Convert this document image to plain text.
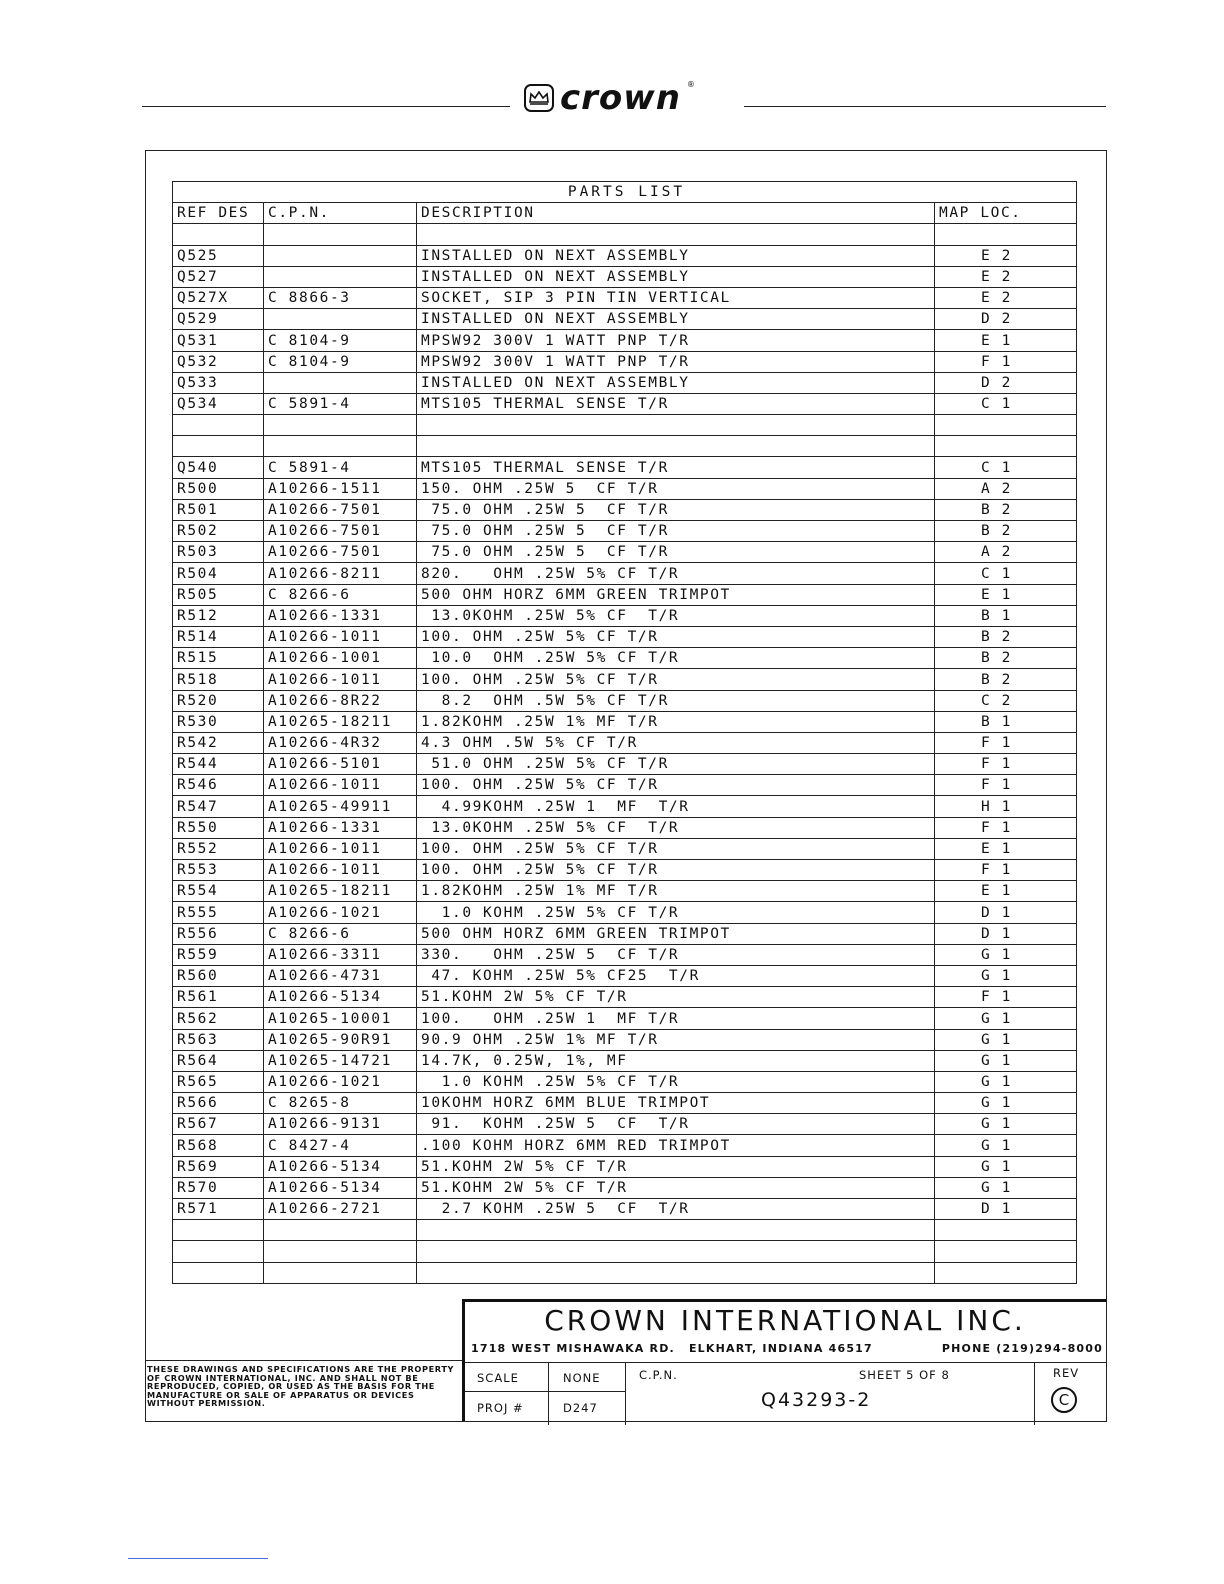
crown ®
PARTS LIST			
REF DES	C.P.N.	DESCRIPTION	MAP LOC.

Q525		INSTALLED ON NEXT ASSEMBLY	E 2
Q527		INSTALLED ON NEXT ASSEMBLY	E 2
Q527X	C 8866-3	SOCKET, SIP 3 PIN TIN VERTICAL	E 2
Q529		INSTALLED ON NEXT ASSEMBLY	D 2
Q531	C 8104-9	MPSW92 300V 1 WATT PNP T/R	E 1
Q532	C 8104-9	MPSW92 300V 1 WATT PNP T/R	F 1
Q533		INSTALLED ON NEXT ASSEMBLY	D 2
Q534	C 5891-4	MTS105 THERMAL SENSE T/R	C 1

Q540	C 5891-4	MTS105 THERMAL SENSE T/R	C 1
R500	A10266-1511	150. OHM .25W 5  CF T/R	A 2
R501	A10266-7501	75.0 OHM .25W 5  CF T/R	B 2
R502	A10266-7501	75.0 OHM .25W 5  CF T/R	B 2
R503	A10266-7501	75.0 OHM .25W 5  CF T/R	A 2
R504	A10266-8211	820.   OHM .25W 5% CF T/R	C 1
R505	C 8266-6	500 OHM HORZ 6MM GREEN TRIMPOT	E 1
R512	A10266-1331	13.0KOHM .25W 5% CF  T/R	B 1
R514	A10266-1011	100. OHM .25W 5% CF T/R	B 2
R515	A10266-1001	10.0  OHM .25W 5% CF T/R	B 2
R518	A10266-1011	100. OHM .25W 5% CF T/R	B 2
R520	A10266-8R22	8.2  OHM .5W 5% CF T/R	C 2
R530	A10265-18211	1.82KOHM .25W 1% MF T/R	B 1
R542	A10266-4R32	4.3 OHM .5W 5% CF T/R	F 1
R544	A10266-5101	51.0 OHM .25W 5% CF T/R	F 1
R546	A10266-1011	100. OHM .25W 5% CF T/R	F 1
R547	A10265-49911	4.99KOHM .25W 1  MF  T/R	H 1
R550	A10266-1331	13.0KOHM .25W 5% CF  T/R	F 1
R552	A10266-1011	100. OHM .25W 5% CF T/R	E 1
R553	A10266-1011	100. OHM .25W 5% CF T/R	F 1
R554	A10265-18211	1.82KOHM .25W 1% MF T/R	E 1
R555	A10266-1021	1.0 KOHM .25W 5% CF T/R	D 1
R556	C 8266-6	500 OHM HORZ 6MM GREEN TRIMPOT	D 1
R559	A10266-3311	330.   OHM .25W 5  CF T/R	G 1
R560	A10266-4731	47. KOHM .25W 5% CF25  T/R	G 1
R561	A10266-5134	51.KOHM 2W 5% CF T/R	F 1
R562	A10265-10001	100.   OHM .25W 1  MF T/R	G 1
R563	A10265-90R91	90.9 OHM .25W 1% MF T/R	G 1
R564	A10265-14721	14.7K, 0.25W, 1%, MF	G 1
R565	A10266-1021	1.0 KOHM .25W 5% CF T/R	G 1
R566	C 8265-8	10KOHM HORZ 6MM BLUE TRIMPOT	G 1
R567	A10266-9131	91.  KOHM .25W 5  CF  T/R	G 1
R568	C 8427-4	.100 KOHM HORZ 6MM RED TRIMPOT	G 1
R569	A10266-5134	51.KOHM 2W 5% CF T/R	G 1
R570	A10266-5134	51.KOHM 2W 5% CF T/R	G 1
R571	A10266-2721	2.7 KOHM .25W 5  CF  T/R	D 1

THESE DRAWINGS AND SPECIFICATIONS ARE THE PROPERTY OF CROWN INTERNATIONAL, INC. AND SHALL NOT BE REPRODUCED, COPIED, OR USED AS THE BASIS FOR THE MANUFACTURE OR SALE OF APPARATUS OR DEVICES WITHOUT PERMISSION.
CROWN INTERNATIONAL INC.
1718 WEST MISHAWAKA RD. ELKHART, INDIANA 46517	PHONE (219)294-8000
SCALE	NONE
PROJ #	D247
C.P.N.	SHEET 5 OF 8
Q43293-2
REV
C
